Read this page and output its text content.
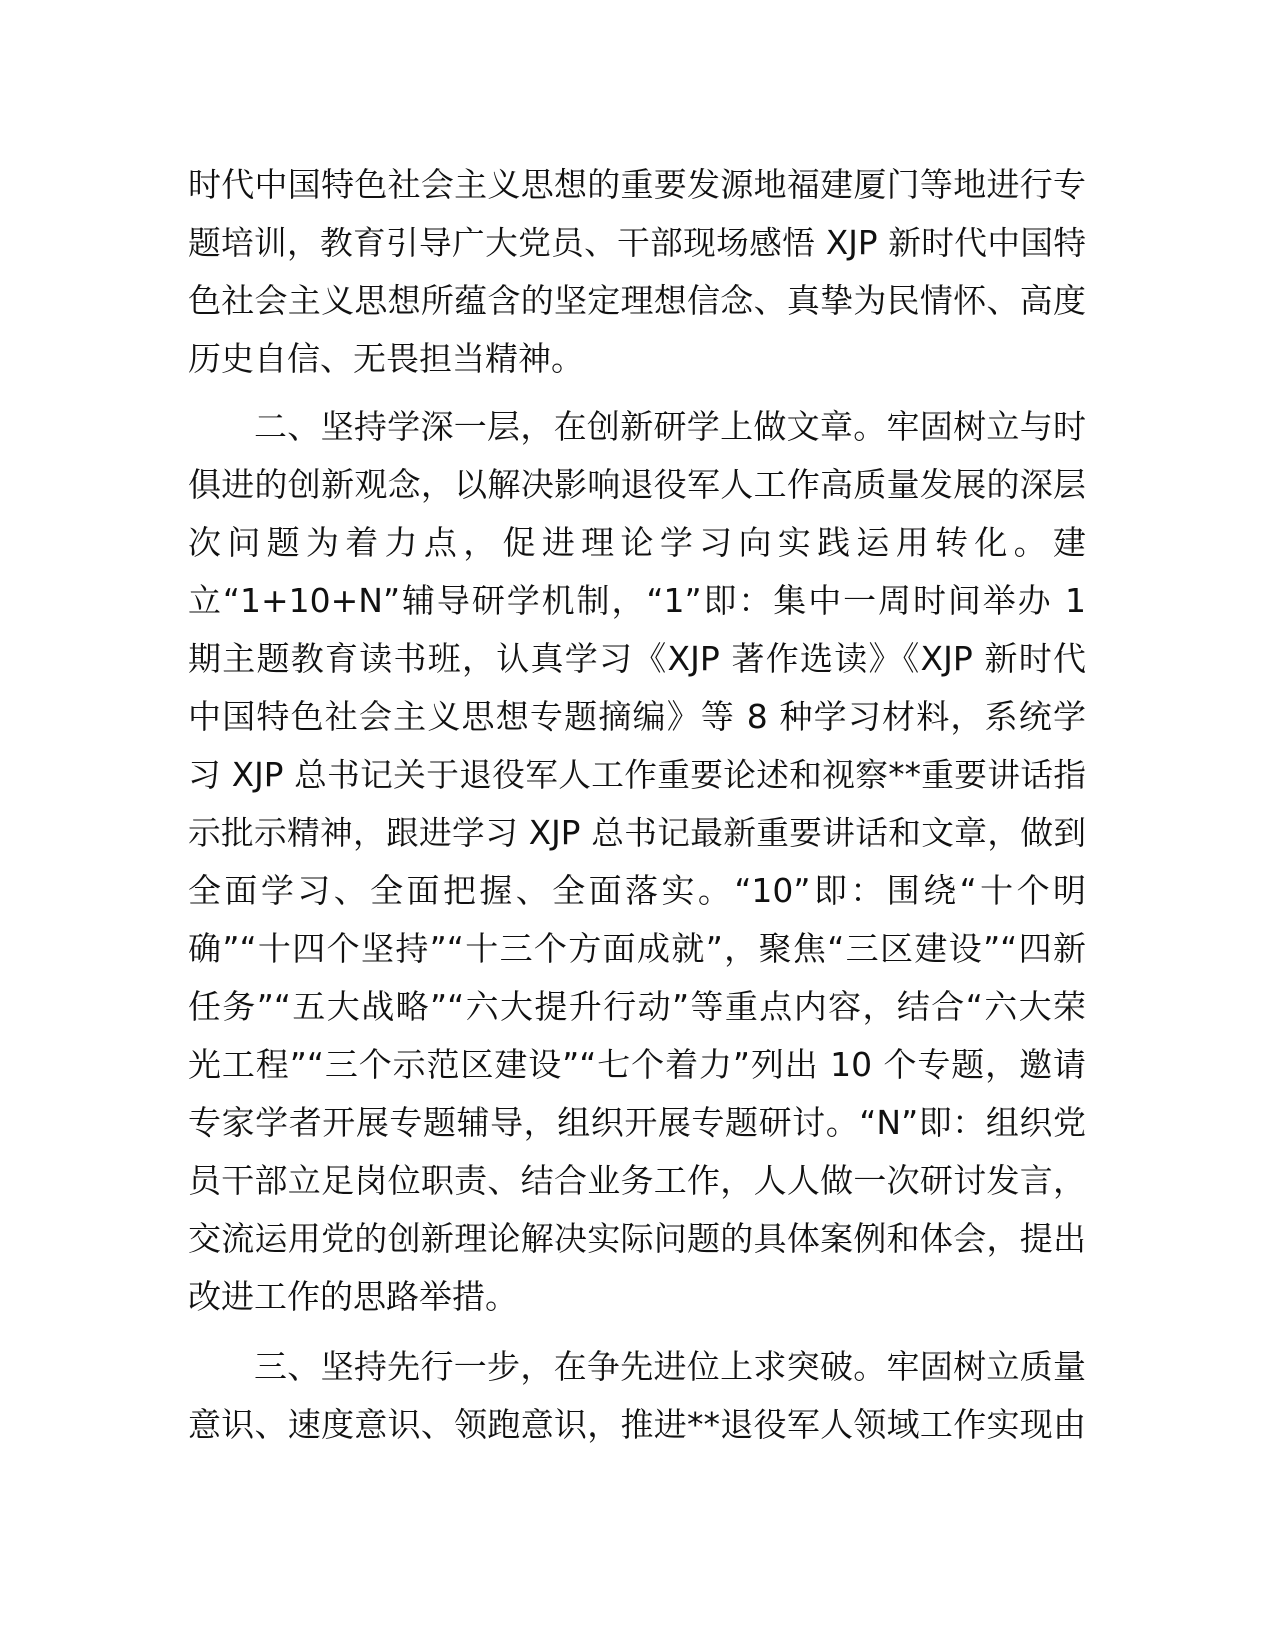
时代中国特色社会主义思想的重要发源地福建厦门等地进行专
题培训，教育引导广大党员、干部现场感悟 XJP 新时代中国特
色社会主义思想所蕴含的坚定理想信念、真挚为民情怀、高度
历史自信、无畏担当精神。
二、坚持学深一层，在创新研学上做文章。牢固树立与时
俱进的创新观念，以解决影响退役军人工作高质量发展的深层
次问题为着力点，促进理论学习向实践运用转化。建
立“1+10+N”辅导研学机制，“1”即：集中一周时间举办 1
期主题教育读书班，认真学习《XJP 著作选读》《XJP 新时代
中国特色社会主义思想专题摘编》等 8 种学习材料，系统学
习 XJP 总书记关于退役军人工作重要论述和视察**重要讲话指
示批示精神，跟进学习 XJP 总书记最新重要讲话和文章，做到
全面学习、全面把握、全面落实。“10”即：围绕“十个明
确”“十四个坚持”“十三个方面成就”，聚焦“三区建设”“四新
任务”“五大战略”“六大提升行动”等重点内容，结合“六大荣
光工程”“三个示范区建设”“七个着力”列出 10 个专题，邀请
专家学者开展专题辅导，组织开展专题研讨。“N”即：组织党
员干部立足岗位职责、结合业务工作，人人做一次研讨发言，
交流运用党的创新理论解决实际问题的具体案例和体会，提出
改进工作的思路举措。
三、坚持先行一步，在争先进位上求突破。牢固树立质量
意识、速度意识、领跑意识，推进**退役军人领域工作实现由
